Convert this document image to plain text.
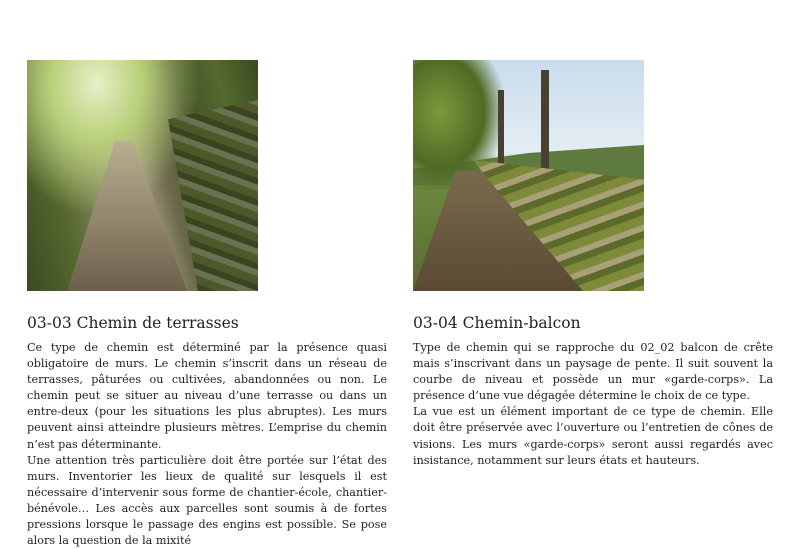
03-03 Chemin de terrasses

Ce type de chemin est déterminé par la présence quasi obligatoire de murs. Le chemin s’inscrit dans un réseau de terrasses, pâturées ou cultivées, abandonnées ou non. Le chemin peut se situer au niveau d’une terrasse ou dans un entre-deux (pour les situations les plus abruptes). Les murs peuvent ainsi atteindre plusieurs mètres. L’emprise du chemin n’est pas déterminante.

Une attention très particulière doit être portée sur l’état des murs. Inventorier les lieux de qualité sur lesquels il est nécessaire d’intervenir sous forme de chantier-école, chantier-bénévole… Les accès aux parcelles sont soumis à de fortes pressions lorsque le passage des engins est possible. Se pose alors la question de la mixité

03-04 Chemin-balcon

Type de chemin qui se rapproche du 02_02 balcon de crête mais s’inscrivant dans un paysage de pente. Il suit souvent la courbe de niveau et possède un mur «garde-corps». La présence d’une vue dégagée détermine le choix de ce type.

La vue est un élément important de ce type de chemin. Elle doit être préservée avec l’ouverture ou l’entretien de cônes de visions. Les murs «garde-corps» seront aussi regardés avec insistance, notamment sur leurs états et hauteurs.
